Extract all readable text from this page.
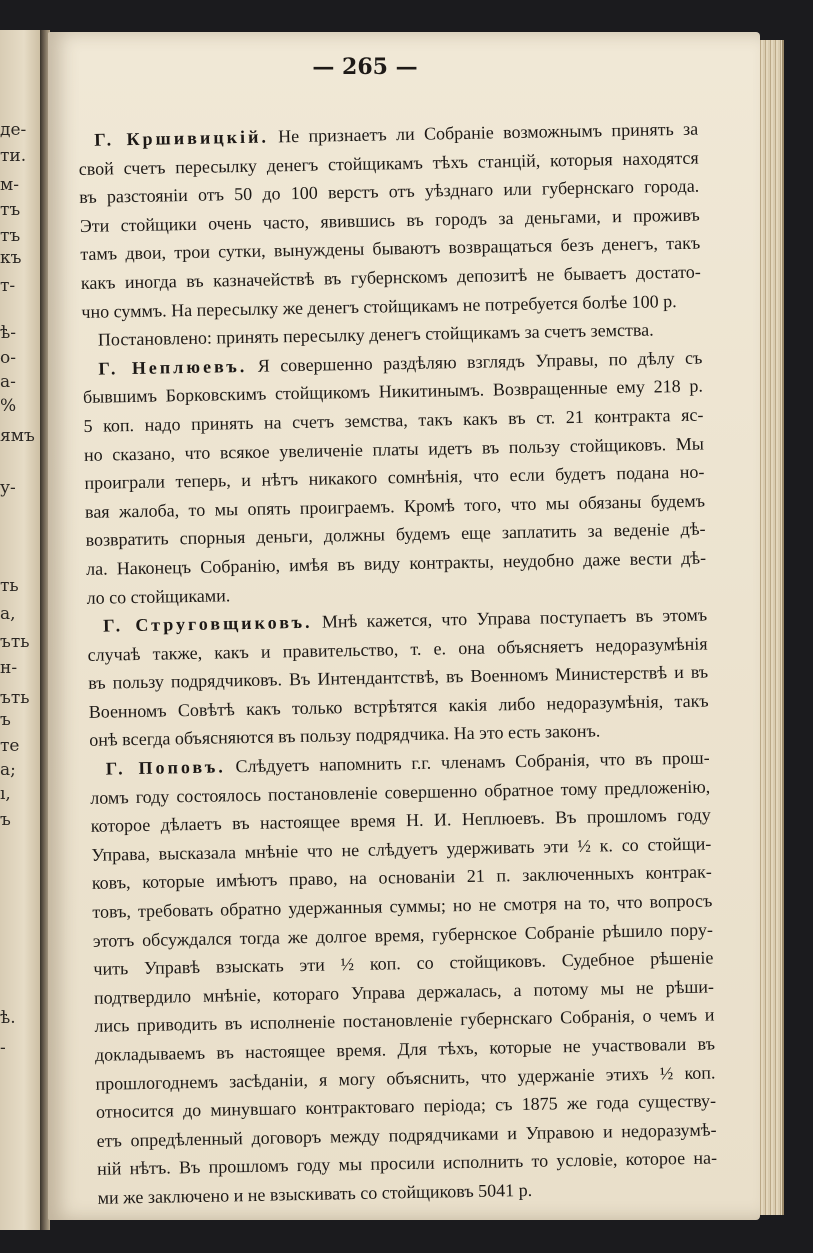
де-
ти.
м-
тъ
тъ
къ
т-
ѣ-
о-
а-
%
ямъ
у-
ть
а,
ъть
н-
ъть
ъ
те
а;
ı,
ъ
ѣ.
-
— 265 —
Г. Кршивицкій. Не признаетъ ли Собраніе возможнымъ принять за
свой счетъ пересылку денегъ стойщикамъ тѣхъ станцій, которыя находятся
въ разстояніи отъ 50 до 100 верстъ отъ уѣзднаго или губернскаго города.
Эти стойщики очень часто, явившись въ городъ за деньгами, и проживъ
тамъ двои, трои сутки, вынуждены бываютъ возвращаться безъ денегъ, такъ
какъ иногда въ казначействѣ въ губернскомъ депозитѣ не бываетъ достато-
чно суммъ. На пересылку же денегъ стойщикамъ не потребуется болѣе 100 р.
Постановлено: принять пересылку денегъ стойщикамъ за счетъ земства.
Г. Неплюевъ. Я совершенно раздѣляю взглядъ Управы, по дѣлу съ
бывшимъ Борковскимъ стойщикомъ Никитинымъ. Возвращенные ему 218 р.
5 коп. надо принять на счетъ земства, такъ какъ въ ст. 21 контракта яс-
но сказано, что всякое увеличеніе платы идетъ въ пользу стойщиковъ. Мы
проиграли теперь, и нѣтъ никакого сомнѣнія, что если будетъ подана но-
вая жалоба, то мы опять проиграемъ. Кромѣ того, что мы обязаны будемъ
возвратить спорныя деньги, должны будемъ еще заплатить за веденіе дѣ-
ла. Наконецъ Собранію, имѣя въ виду контракты, неудобно даже вести дѣ-
ло со стойщиками.
Г. Струговщиковъ. Мнѣ кажется, что Управа поступаетъ въ этомъ
случаѣ также, какъ и правительство, т. е. она объясняетъ недоразумѣнія
въ пользу подрядчиковъ. Въ Интендантствѣ, въ Военномъ Министерствѣ и въ
Военномъ Совѣтѣ какъ только встрѣтятся какія либо недоразумѣнія, такъ
онѣ всегда объясняются въ пользу подрядчика. На это есть законъ.
Г. Поповъ. Слѣдуетъ напомнить г.г. членамъ Собранія, что въ прош-
ломъ году состоялось постановленіе совершенно обратное тому предложенію,
которое дѣлаетъ въ настоящее время Н. И. Неплюевъ. Въ прошломъ году
Управа, высказала мнѣніе что не слѣдуетъ удерживать эти ½ к. со стойщи-
ковъ, которые имѣютъ право, на основаніи 21 п. заключенныхъ контрак-
товъ, требовать обратно удержанныя суммы; но не смотря на то, что вопросъ
этотъ обсуждался тогда же долгое время, губернское Собраніе рѣшило пору-
чить Управѣ взыскать эти ½ коп. со стойщиковъ. Судебное рѣшеніе
подтвердило мнѣніе, котораго Управа держалась, а потому мы не рѣши-
лись приводить въ исполненіе постановленіе губернскаго Собранія, о чемъ и
докладываемъ въ настоящее время. Для тѣхъ, которые не участвовали въ
прошлогоднемъ засѣданіи, я могу объяснить, что удержаніе этихъ ½ коп.
относится до минувшаго контрактоваго періода; съ 1875 же года существу-
етъ опредѣленный договоръ между подрядчиками и Управою и недоразумѣ-
ній нѣтъ. Въ прошломъ году мы просили исполнить то условіе, которое на-
ми же заключено и не взыскивать со стойщиковъ 5041 р.
